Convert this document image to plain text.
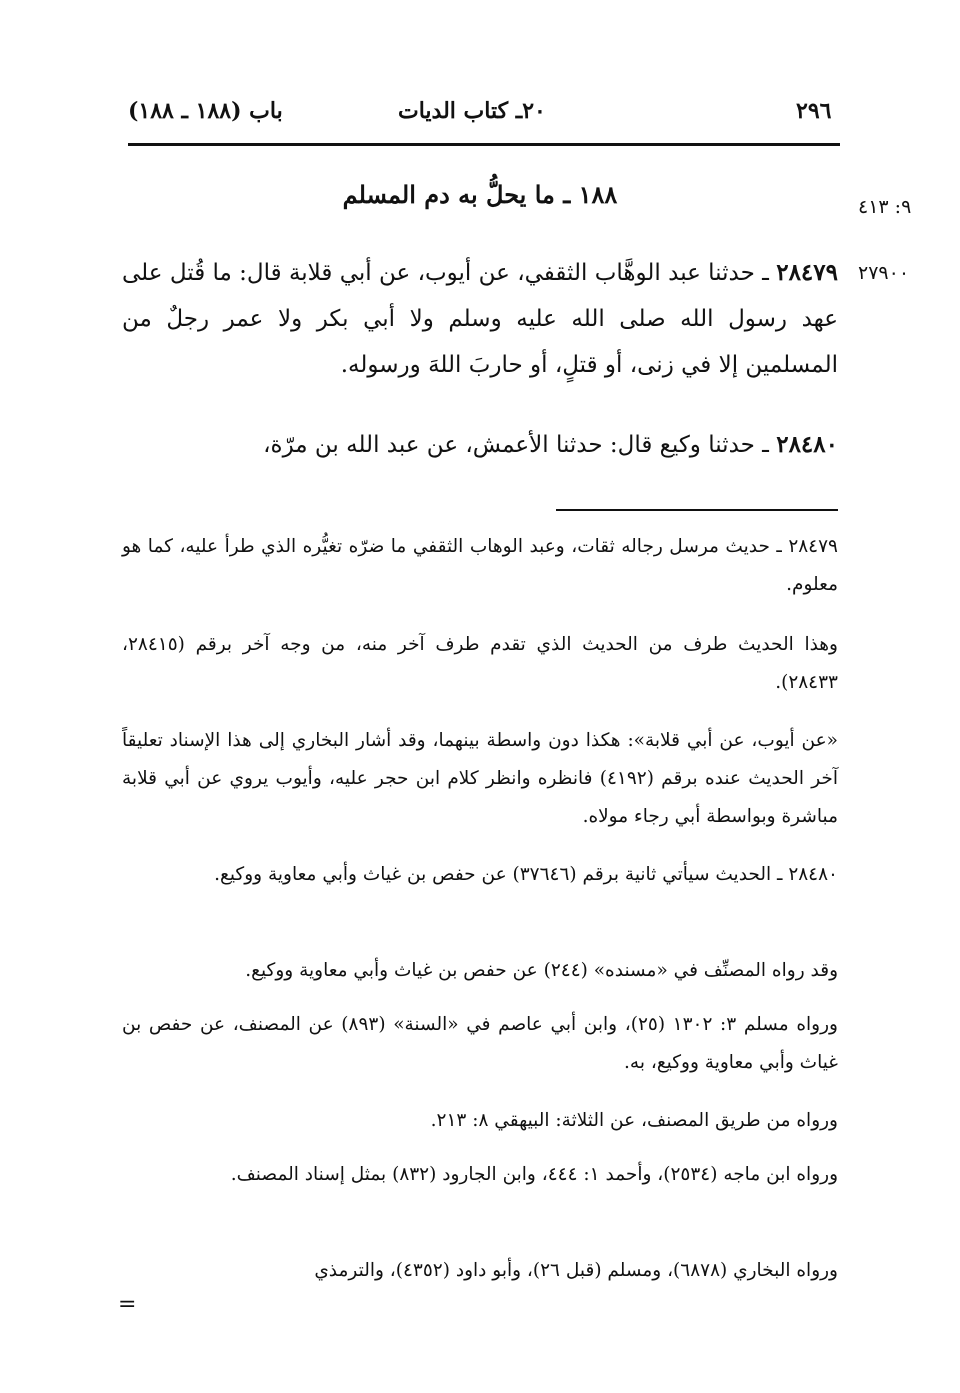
٢٩٦
٢٠ـ كتاب الديات
باب (١٨٨ ـ ١٨٨)
١٨٨ ـ ما يحلُّ به دم المسلم	٩: ٤١٣
٢٧٩٠٠
٢٨٤٧٩ ـ حدثنا عبد الوهَّاب الثقفي، عن أيوب، عن أبي قلابة قال: ما قُتل على عهد رسول الله صلى الله عليه وسلم ولا أبي بكر ولا عمر رجلٌ من المسلمين إلا في زنى، أو قتلٍ، أو حاربَ اللهَ ورسوله.
٢٨٤٨٠ ـ حدثنا وكيع قال: حدثنا الأعمش، عن عبد الله بن مرّة،
٢٨٤٧٩ ـ حديث مرسل رجاله ثقات، وعبد الوهاب الثقفي ما ضرّه تغيُّره الذي طرأ عليه، كما هو معلوم.
وهذا الحديث طرف من الحديث الذي تقدم طرف آخر منه، من وجه آخر برقم (٢٨٤١٥، ٢٨٤٣٣).
«عن أيوب، عن أبي قلابة»: هكذا دون واسطة بينهما، وقد أشار البخاري إلى هذا الإسناد تعليقاً آخر الحديث عنده برقم (٤١٩٢) فانظره وانظر كلام ابن حجر عليه، وأيوب يروي عن أبي قلابة مباشرة وبواسطة أبي رجاء مولاه.
٢٨٤٨٠ ـ الحديث سيأتي ثانية برقم (٣٧٦٤٦) عن حفص بن غياث وأبي معاوية ووكيع.
وقد رواه المصنِّف في «مسنده» (٢٤٤) عن حفص بن غياث وأبي معاوية ووكيع.
ورواه مسلم ٣: ١٣٠٢ (٢٥)، وابن أبي عاصم في «السنة» (٨٩٣) عن المصنف، عن حفص بن غياث وأبي معاوية ووكيع، به.
ورواه من طريق المصنف، عن الثلاثة: البيهقي ٨: ٢١٣.
ورواه ابن ماجه (٢٥٣٤)، وأحمد ١: ٤٤٤، وابن الجارود (٨٣٢) بمثل إسناد المصنف.
ورواه البخاري (٦٨٧٨)، ومسلم (قبل ٢٦)، وأبو داود (٤٣٥٢)، والترمذي
=
